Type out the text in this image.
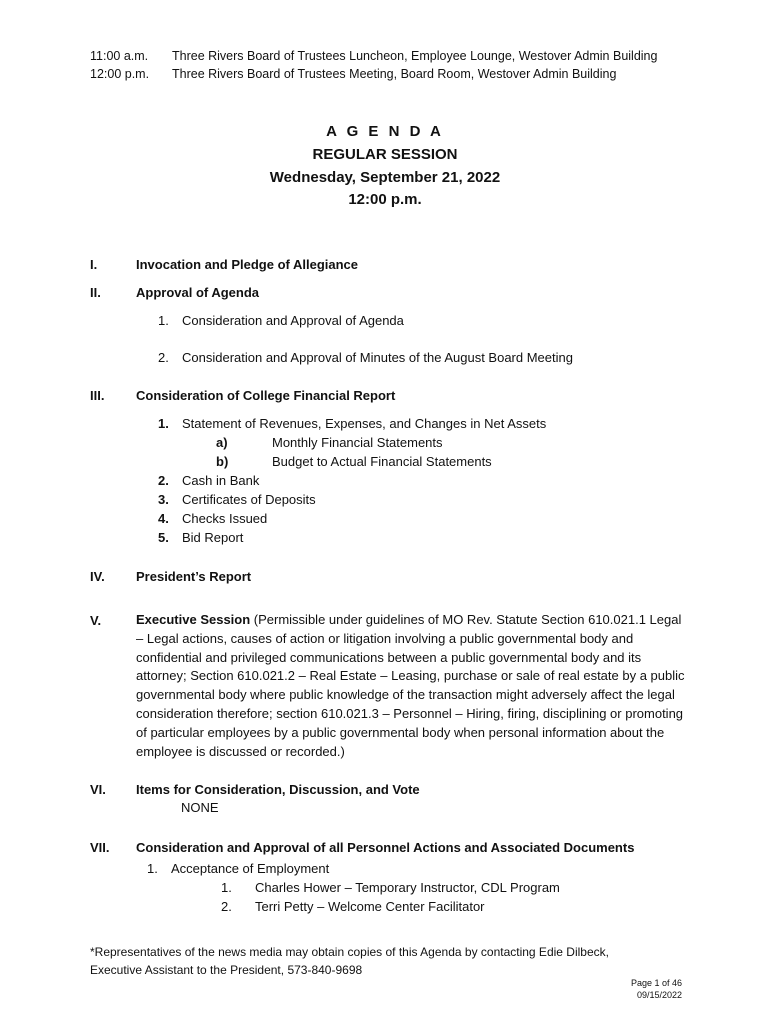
11:00 a.m. Three Rivers Board of Trustees Luncheon, Employee Lounge, Westover Admin Building
12:00 p.m. Three Rivers Board of Trustees Meeting, Board Room, Westover Admin Building
A G E N D A
REGULAR SESSION
Wednesday, September 21, 2022
12:00 p.m.
I.	Invocation and Pledge of Allegiance
II.	Approval of Agenda
1. Consideration and Approval of Agenda
2. Consideration and Approval of Minutes of the August Board Meeting
III. Consideration of College Financial Report
1. Statement of Revenues, Expenses, and Changes in Net Assets
a)	Monthly Financial Statements
b)	Budget to Actual Financial Statements
2. Cash in Bank
3. Certificates of Deposits
4. Checks Issued
5. Bid Report
IV. President’s Report
V.	Executive Session (Permissible under guidelines of MO Rev. Statute Section 610.021.1 Legal – Legal actions, causes of action or litigation involving a public governmental body and confidential and privileged communications between a public governmental body and its attorney; Section 610.021.2 – Real Estate – Leasing, purchase or sale of real estate by a public governmental body where public knowledge of the transaction might adversely affect the legal consideration therefore; section 610.021.3 – Personnel – Hiring, firing, disciplining or promoting of particular employees by a public governmental body when personal information about the employee is discussed or recorded.)
VI. Items for Consideration, Discussion, and Vote
NONE
VII. Consideration and Approval of all Personnel Actions and Associated Documents
1. Acceptance of Employment
1. Charles Hower – Temporary Instructor, CDL Program
2. Terri Petty – Welcome Center Facilitator
*Representatives of the news media may obtain copies of this Agenda by contacting Edie Dilbeck,
Executive Assistant to the President, 573-840-9698
Page 1 of 46
09/15/2022
